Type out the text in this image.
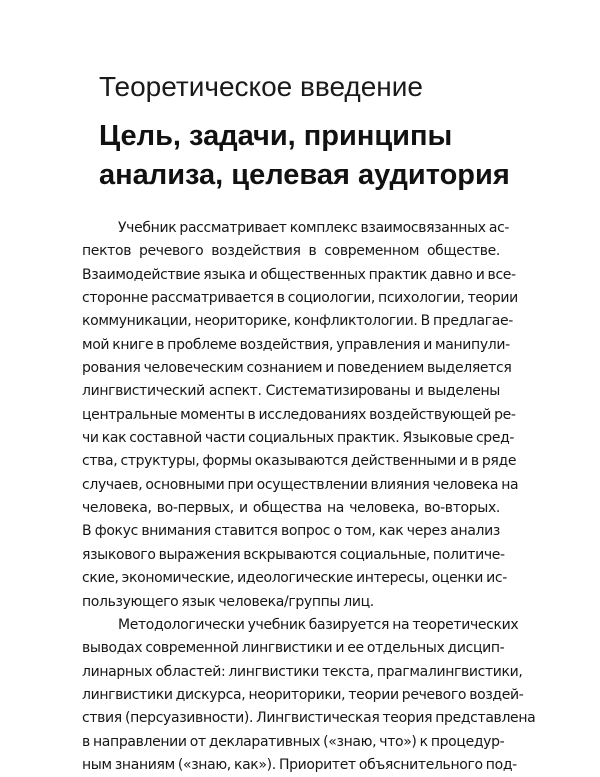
Теоретическое введение
Цель, задачи, принципы
анализа, целевая аудитория

Учебник рассматривает комплекс взаимосвязанных ас-
пектов речевого воздействия в современном обществе.
Взаимодействие языка и общественных практик давно и все-
сторонне рассматривается в социологии, психологии, теории
коммуникации, неориторике, конфликтологии. В предлагае-
мой книге в проблеме воздействия, управления и манипули-
рования человеческим сознанием и поведением выделяется
лингвистический аспект. Систематизированы и выделены
центральные моменты в исследованиях воздействующей ре-
чи как составной части социальных практик. Языковые сред-
ства, структуры, формы оказываются действенными и в ряде
случаев, основными при осуществлении влияния человека на
человека, во-первых, и общества на человека, во-вторых.
В фокус внимания ставится вопрос о том, как через анализ
языкового выражения вскрываются социальные, политиче-
ские, экономические, идеологические интересы, оценки ис-
пользующего язык человека/группы лиц.

Методологически учебник базируется на теоретических
выводах современной лингвистики и ее отдельных дисцип-
линарных областей: лингвистики текста, прагмалингвистики,
лингвистики дискурса, неориторики, теории речевого воздей-
ствия (персуазивности). Лингвистическая теория представлена
в направлении от декларативных («знаю, что») к процедур-
ным знаниям («знаю, как»). Приоритет объяснительного под-
